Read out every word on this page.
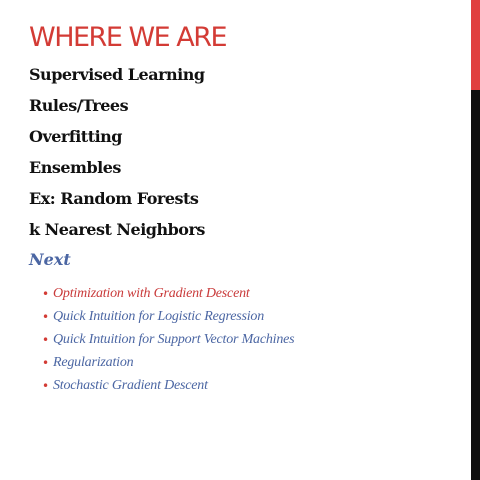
WHERE WE ARE
Supervised Learning
Rules/Trees
Overfitting
Ensembles
Ex: Random Forests
k Nearest Neighbors
Next
• Optimization with Gradient Descent
• Quick Intuition for Logistic Regression
• Quick Intuition for Support Vector Machines
• Regularization
• Stochastic Gradient Descent
